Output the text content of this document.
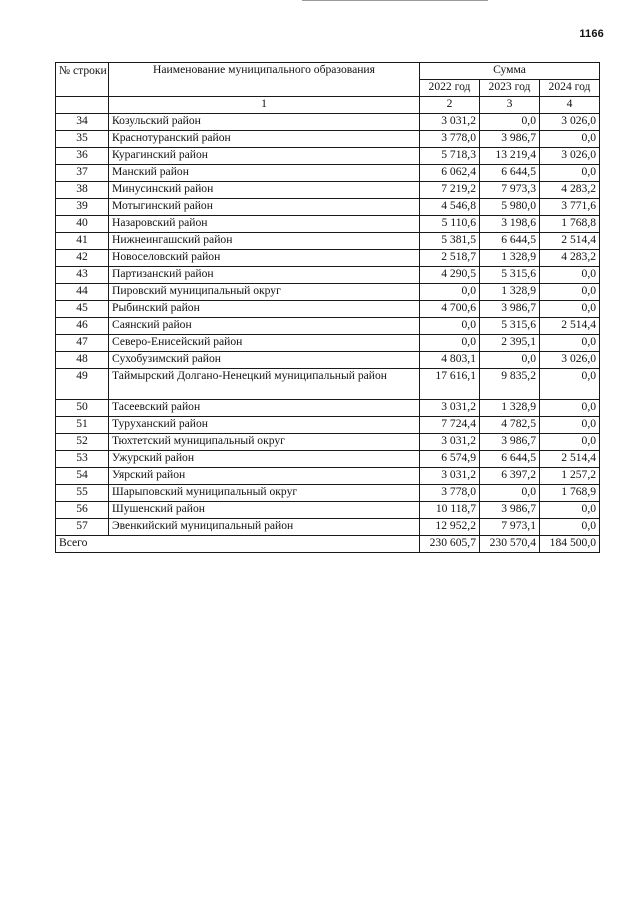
1166
№ строки	Наименование муниципального образования	Сумма		
		2022 год	2023 год	2024 год
	1	2	3	4
34	Козульский район	3 031,2	0,0	3 026,0
35	Краснотуранский район	3 778,0	3 986,7	0,0
36	Курагинский район	5 718,3	13 219,4	3 026,0
37	Манский район	6 062,4	6 644,5	0,0
38	Минусинский район	7 219,2	7 973,3	4 283,2
39	Мотыгинский район	4 546,8	5 980,0	3 771,6
40	Назаровский район	5 110,6	3 198,6	1 768,8
41	Нижнеингашский район	5 381,5	6 644,5	2 514,4
42	Новоселовский район	2 518,7	1 328,9	4 283,2
43	Партизанский район	4 290,5	5 315,6	0,0
44	Пировский муниципальный округ	0,0	1 328,9	0,0
45	Рыбинский район	4 700,6	3 986,7	0,0
46	Саянский район	0,0	5 315,6	2 514,4
47	Северо-Енисейский район	0,0	2 395,1	0,0
48	Сухобузимский район	4 803,1	0,0	3 026,0
49	Таймырский Долгано-Ненецкий муниципальный район	17 616,1	9 835,2	0,0
50	Тасеевский район	3 031,2	1 328,9	0,0
51	Туруханский район	7 724,4	4 782,5	0,0
52	Тюхтетский муниципальный округ	3 031,2	3 986,7	0,0
53	Ужурский район	6 574,9	6 644,5	2 514,4
54	Уярский район	3 031,2	6 397,2	1 257,2
55	Шарыповский муниципальный округ	3 778,0	0,0	1 768,9
56	Шушенский район	10 118,7	3 986,7	0,0
57	Эвенкийский муниципальный район	12 952,2	7 973,1	0,0
Всего		230 605,7	230 570,4	184 500,0
